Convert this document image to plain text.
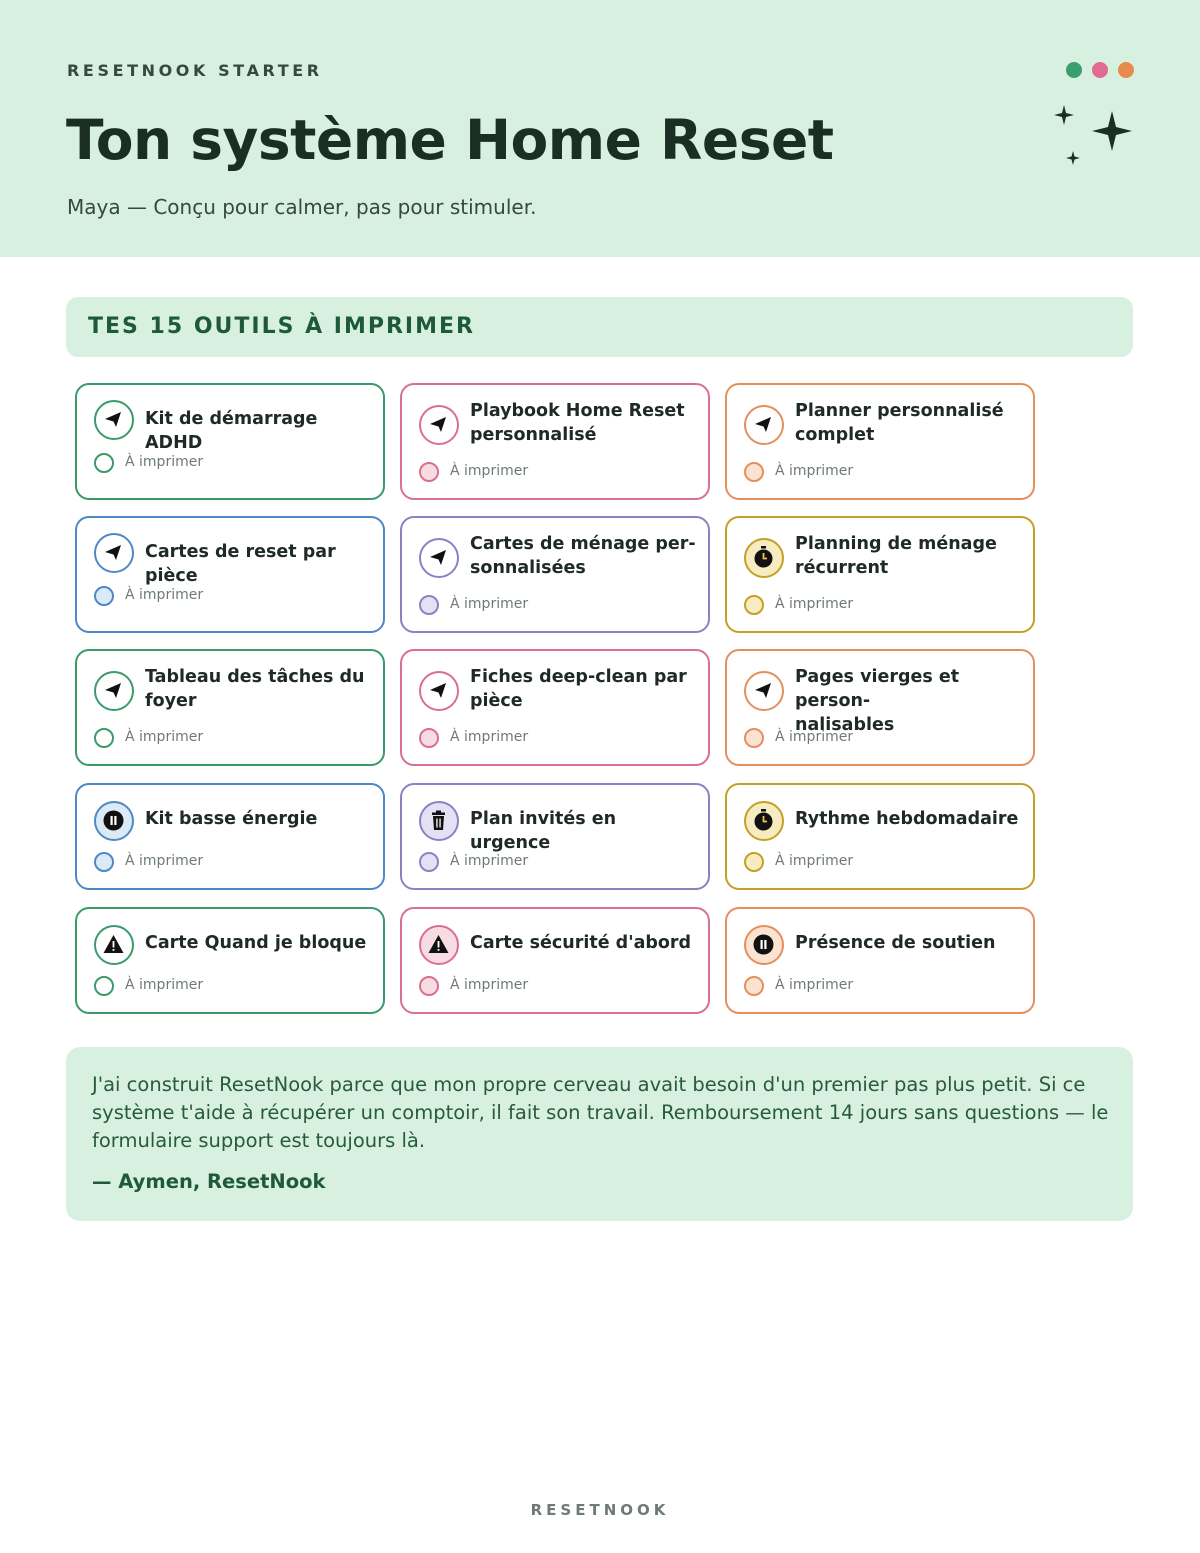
RESETNOOK STARTER
Ton système Home Reset
Maya — Conçu pour calmer, pas pour stimuler.
TES 15 OUTILS À IMPRIMER
Kit de démarrage ADHD
À imprimer
Playbook Home Reset personnalisé
À imprimer
Planner personnalisé complet
À imprimer
Cartes de reset par pièce
À imprimer
Cartes de ménage per-
sonnalisées
À imprimer
Planning de ménage récurrent
À imprimer
Tableau des tâches du foyer
À imprimer
Fiches deep-clean par pièce
À imprimer
Pages vierges et person-
nalisables
À imprimer
Kit basse énergie
À imprimer
Plan invités en urgence
À imprimer
Rythme hebdomadaire
À imprimer
Carte Quand je bloque
À imprimer
Carte sécurité d'abord
À imprimer
Présence de soutien
À imprimer
J'ai construit ResetNook parce que mon propre cerveau avait besoin d'un premier pas plus petit. Si ce système t'aide à récupérer un comptoir, il fait son travail. Remboursement 14 jours sans questions — le formulaire support est toujours là.
— Aymen, ResetNook
RESETNOOK
